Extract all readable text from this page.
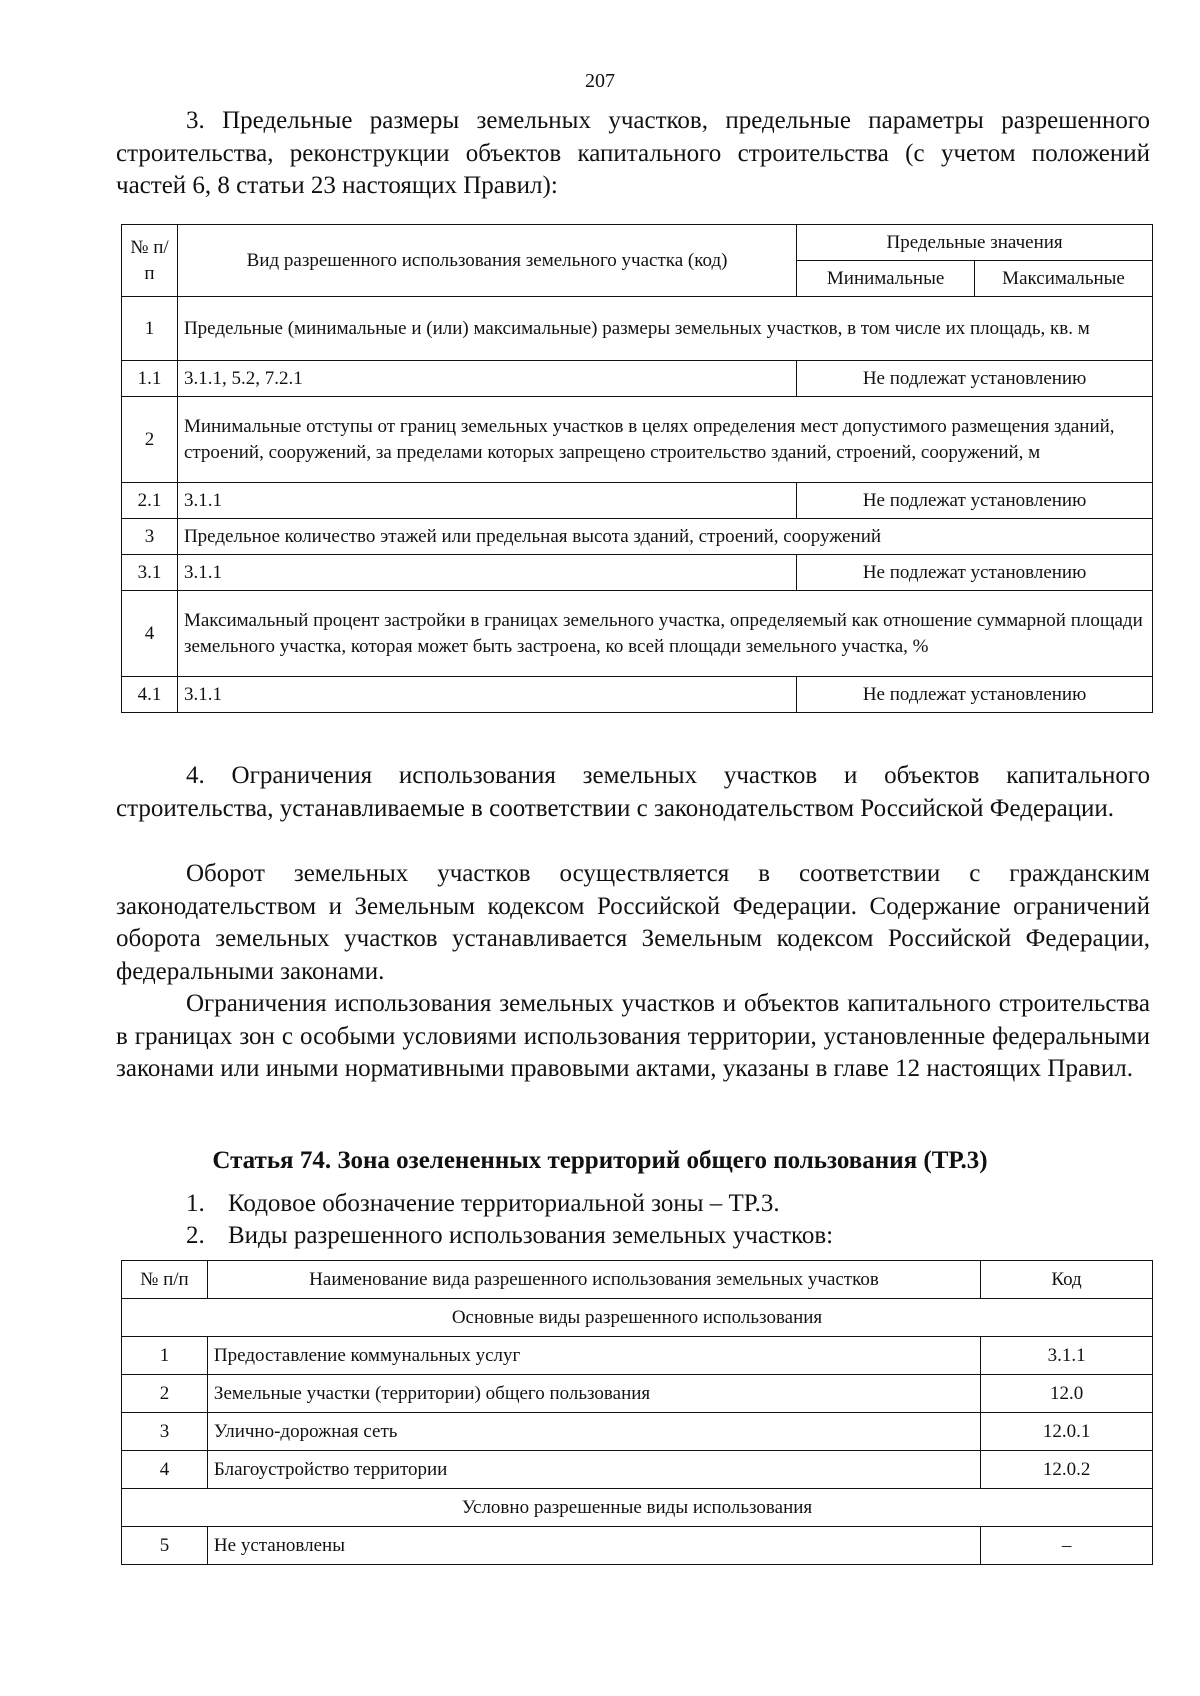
207
3. Предельные размеры земельных участков, предельные параметры разрешенного строительства, реконструкции объектов капитального строительства (с учетом положений частей 6, 8 статьи 23 настоящих Правил):
№ п/п	Вид разрешенного использования земельного участка (код)	Предельные значения	
		Минимальные	Максимальные
1	Предельные (минимальные и (или) максимальные) размеры земельных участков, в том числе их площадь, кв. м		
1.1	3.1.1, 5.2, 7.2.1	Не подлежат установлению	
2	Минимальные отступы от границ земельных участков в целях определения мест допустимого размещения зданий, строений, сооружений, за пределами которых запрещено строительство зданий, строений, сооружений, м		
2.1	3.1.1	Не подлежат установлению	
3	Предельное количество этажей или предельная высота зданий, строений, сооружений		
3.1	3.1.1	Не подлежат установлению	
4	Максимальный процент застройки в границах земельного участка, определяемый как отношение суммарной площади земельного участка, которая может быть застроена, ко всей площади земельного участка, %		
4.1	3.1.1	Не подлежат установлению	
4. Ограничения использования земельных участков и объектов капитального строительства, устанавливаемые в соответствии с законодательством Российской Федерации.
Оборот земельных участков осуществляется в соответствии с гражданским законодательством и Земельным кодексом Российской Федерации. Содержание ограничений оборота земельных участков устанавливается Земельным кодексом Российской Федерации, федеральными законами.
Ограничения использования земельных участков и объектов капитального строительства в границах зон с особыми условиями использования территории, установленные федеральными законами или иными нормативными правовыми актами, указаны в главе 12 настоящих Правил.
Статья 74. Зона озелененных территорий общего пользования (ТР.3)
1. Кодовое обозначение территориальной зоны – ТР.3.
2. Виды разрешенного использования земельных участков:
№ п/п	Наименование вида разрешенного использования земельных участков	Код
Основные виды разрешенного использования		
1	Предоставление коммунальных услуг	3.1.1
2	Земельные участки (территории) общего пользования	12.0
3	Улично-дорожная сеть	12.0.1
4	Благоустройство территории	12.0.2
Условно разрешенные виды использования		
5	Не установлены	–
